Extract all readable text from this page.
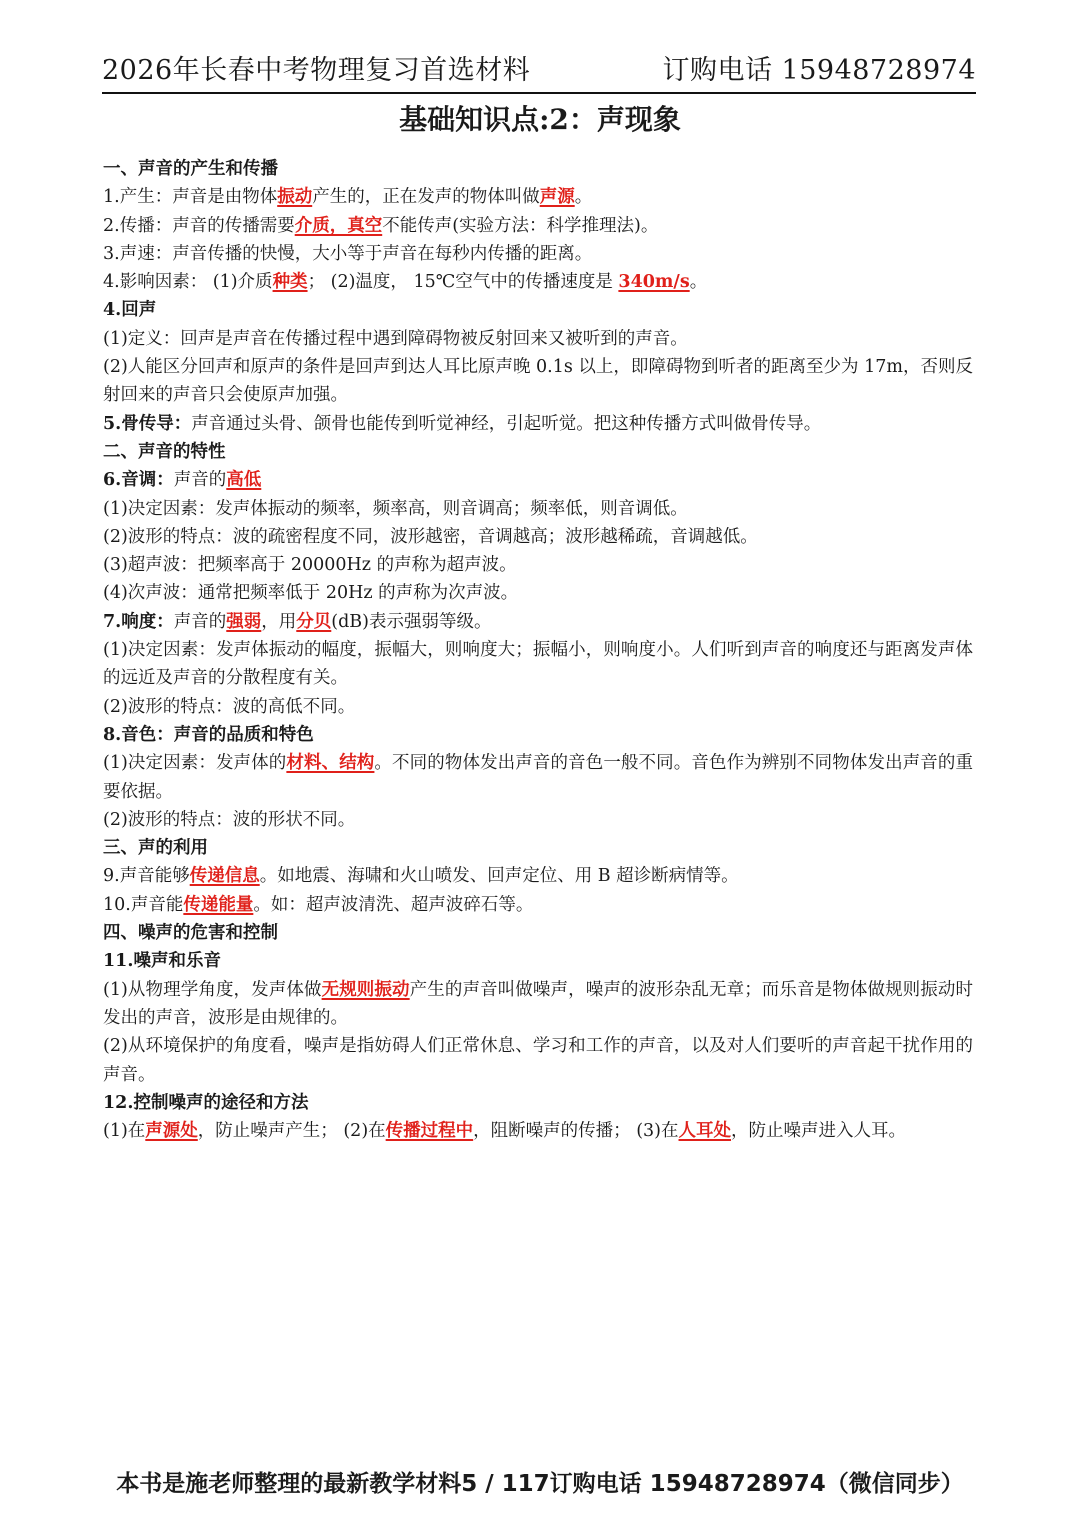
2026年长春中考物理复习首选材料	订购电话 15948728974
基础知识点:2：声现象
一、声音的产生和传播
1.产生：声音是由物体振动产生的，正在发声的物体叫做声源。
2.传播：声音的传播需要介质，真空不能传声(实验方法：科学推理法)。
3.声速：声音传播的快慢，大小等于声音在每秒内传播的距离。
4.影响因素： (1)介质种类； (2)温度， 15℃空气中的传播速度是 340m/s。
4.回声
(1)定义：回声是声音在传播过程中遇到障碍物被反射回来又被听到的声音。
(2)人能区分回声和原声的条件是回声到达人耳比原声晚 0.1s 以上，即障碍物到听者的距离至少为 17m，否则反射回来的声音只会使原声加强。
5.骨传导：声音通过头骨、颌骨也能传到听觉神经，引起听觉。把这种传播方式叫做骨传导。
二、声音的特性
6.音调：声音的高低
(1)决定因素：发声体振动的频率，频率高，则音调高；频率低，则音调低。
(2)波形的特点：波的疏密程度不同，波形越密，音调越高；波形越稀疏，音调越低。
(3)超声波：把频率高于 20000Hz 的声称为超声波。
(4)次声波：通常把频率低于 20Hz 的声称为次声波。
7.响度：声音的强弱，用分贝(dB)表示强弱等级。
(1)决定因素：发声体振动的幅度，振幅大，则响度大；振幅小，则响度小。人们听到声音的响度还与距离发声体的远近及声音的分散程度有关。
(2)波形的特点：波的高低不同。
8.音色：声音的品质和特色
(1)决定因素：发声体的材料、结构。不同的物体发出声音的音色一般不同。音色作为辨别不同物体发出声音的重要依据。
(2)波形的特点：波的形状不同。
三、声的利用
9.声音能够传递信息。如地震、海啸和火山喷发、回声定位、用 B 超诊断病情等。
10.声音能传递能量。如：超声波清洗、超声波碎石等。
四、噪声的危害和控制
11.噪声和乐音
(1)从物理学角度，发声体做无规则振动产生的声音叫做噪声，噪声的波形杂乱无章；而乐音是物体做规则振动时发出的声音，波形是由规律的。
(2)从环境保护的角度看，噪声是指妨碍人们正常休息、学习和工作的声音，以及对人们要听的声音起干扰作用的声音。
12.控制噪声的途径和方法
(1)在声源处，防止噪声产生； (2)在传播过程中，阻断噪声的传播； (3)在人耳处，防止噪声进入人耳。
本书是施老师整理的最新教学材料5 / 117订购电话 15948728974（微信同步）
